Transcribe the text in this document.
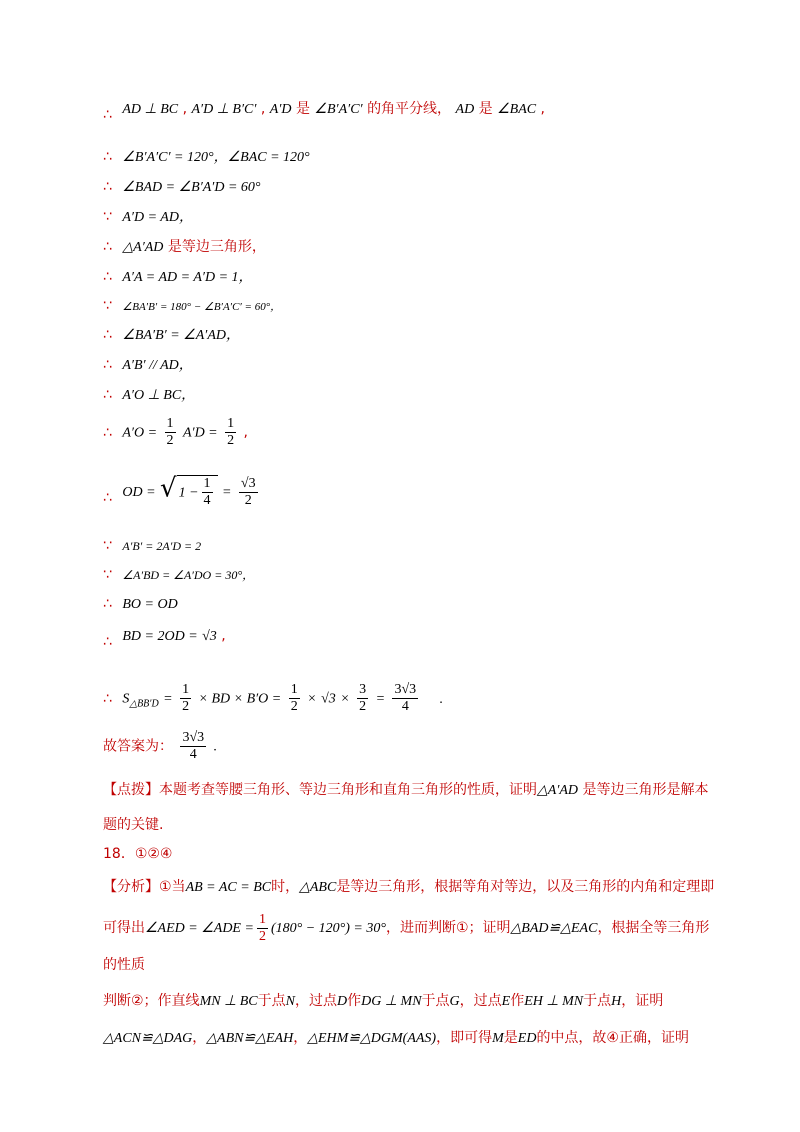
∴ AD ⊥ BC , A′D ⊥ B′C′ , A′D 是 ∠B′A′C′ 的角平分线， AD 是 ∠BAC ,
∴ ∠B′A′C′ = 120°，∠BAC = 120°
∴ ∠BAD = ∠B′A′D = 60°
∵ A′D = AD，
∴ △A′AD 是等边三角形，
∴ A′A = AD = A′D = 1，
∵ ∠BA′B′ = 180° − ∠B′A′C′ = 60°，
∴ ∠BA′B′ = ∠A′AD，
∴ A′B′ // AD，
∴ A′O ⊥ BC，
∴ $A'O = \frac{1}{2} A'D = \frac{1}{2}$ ,
∴ OD = √ $1 - \frac{1}{4} = \frac{√3}{2}$
∵ A′B′ = 2A′D = 2
∵ ∠A′BD = ∠A′DO = 30°，
∴ BO = OD
∴ BD = 2OD = √3 ,
∴ $S_{\triangle BB'D} = \frac{1}{2}$ × BD × $B'O = \frac{1}{2} \times √3 \times \frac{3}{2} = \frac{3√3}{4}$ .
故答案为： $\frac{3√3}{4}$ .
【点拨】本题考查等腰三角形、等边三角形和直角三角形的性质，证明△A′AD 是等边三角形是解本
题的关键.
18．①②④
【分析】①当AB = AC = BC时，△ABC是等边三角形，根据等角对等边，以及三角形的内角和定理即
可得出∠AED = ∠ADE = $\frac{1}{2} (180^\circ - 120^\circ) = 30^\circ$，进而判断①；证明△BAD≌△EAC，根据全等三角形的性质
判断②；作直线MN ⊥ BC于点N，过点D作DG ⊥ MN于点G，过点E作EH ⊥ MN于点H，证明
△ACN≌△DAG，△ABN≌△EAH，△EHM≌△DGM(AAS)，即可得M是ED的中点，故④正确，证明
